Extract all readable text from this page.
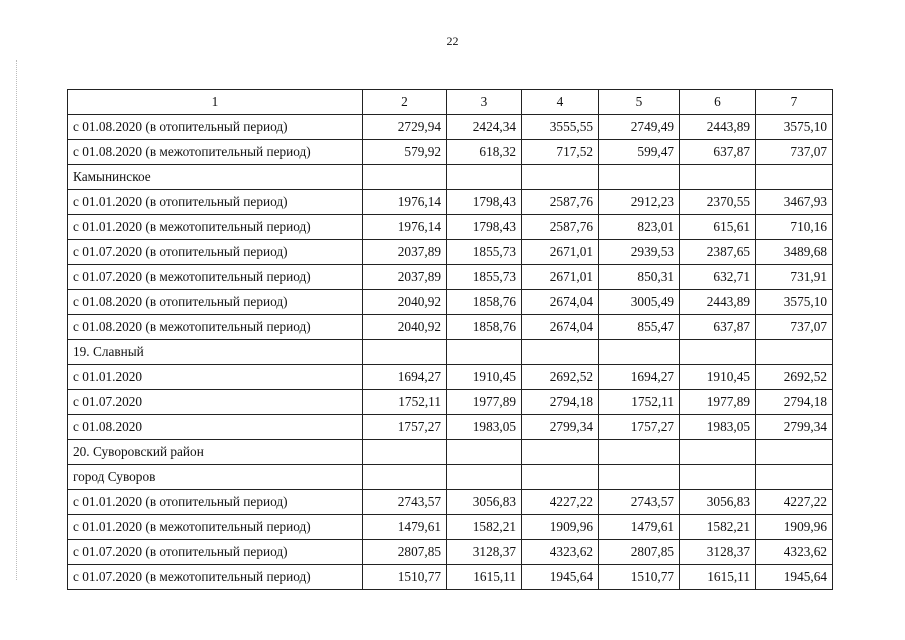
22
1	2	3	4	5	6	7
с 01.08.2020 (в отопительный период)	2729,94	2424,34	3555,55	2749,49	2443,89	3575,10
с 01.08.2020 (в межотопительный период)	579,92	618,32	717,52	599,47	637,87	737,07
Камынинское						
с 01.01.2020 (в отопительный период)	1976,14	1798,43	2587,76	2912,23	2370,55	3467,93
с 01.01.2020 (в межотопительный период)	1976,14	1798,43	2587,76	823,01	615,61	710,16
с 01.07.2020 (в отопительный период)	2037,89	1855,73	2671,01	2939,53	2387,65	3489,68
с 01.07.2020 (в межотопительный период)	2037,89	1855,73	2671,01	850,31	632,71	731,91
с 01.08.2020 (в отопительный период)	2040,92	1858,76	2674,04	3005,49	2443,89	3575,10
с 01.08.2020 (в межотопительный период)	2040,92	1858,76	2674,04	855,47	637,87	737,07
19. Славный						
с 01.01.2020	1694,27	1910,45	2692,52	1694,27	1910,45	2692,52
с 01.07.2020	1752,11	1977,89	2794,18	1752,11	1977,89	2794,18
с 01.08.2020	1757,27	1983,05	2799,34	1757,27	1983,05	2799,34
20. Суворовский район						
город Суворов						
с 01.01.2020 (в отопительный период)	2743,57	3056,83	4227,22	2743,57	3056,83	4227,22
с 01.01.2020 (в межотопительный период)	1479,61	1582,21	1909,96	1479,61	1582,21	1909,96
с 01.07.2020 (в отопительный период)	2807,85	3128,37	4323,62	2807,85	3128,37	4323,62
с 01.07.2020 (в межотопительный период)	1510,77	1615,11	1945,64	1510,77	1615,11	1945,64
